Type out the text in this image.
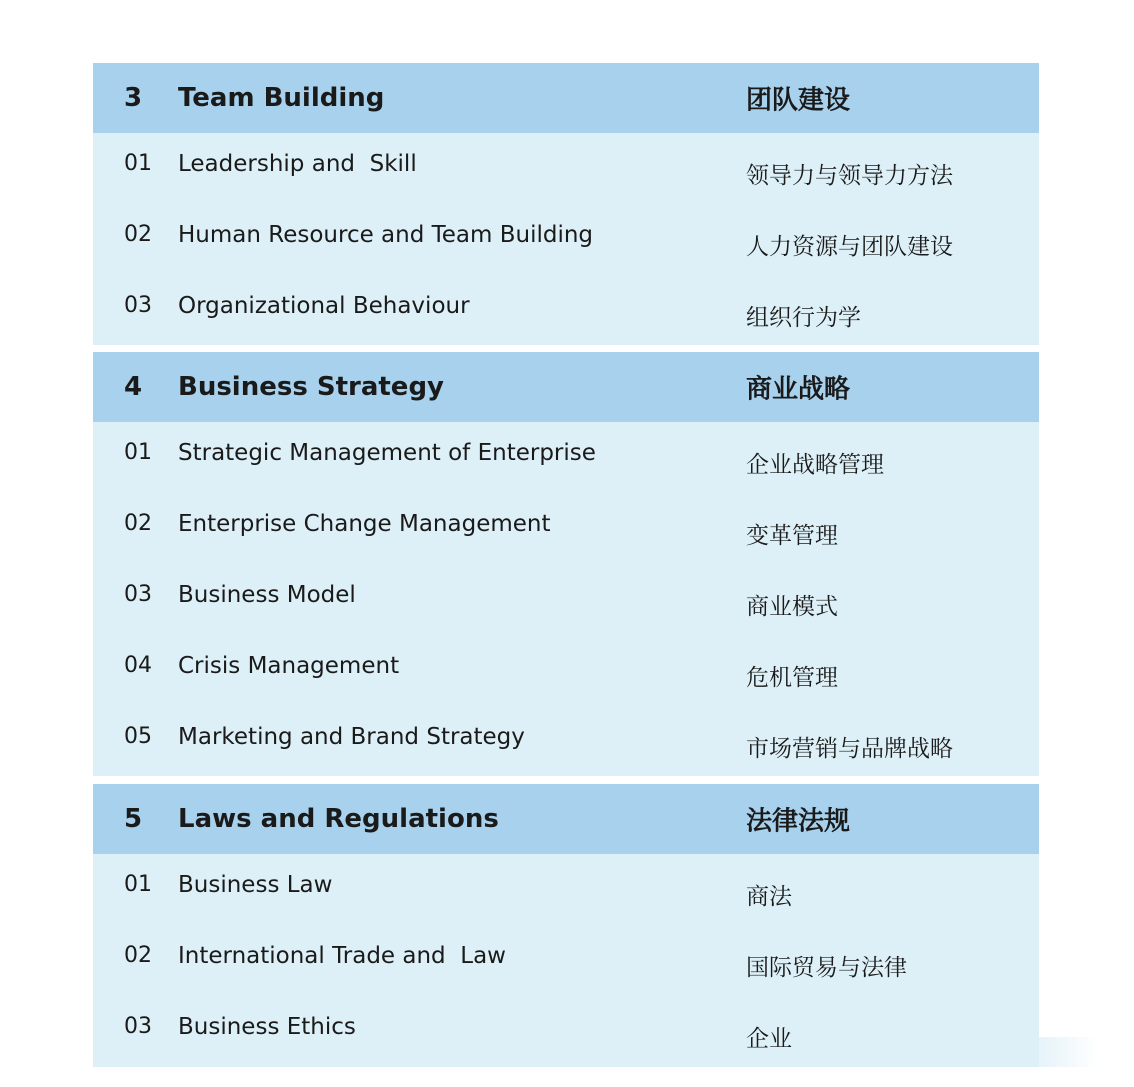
3 Team Building	团队建设
01 Leadership and  Skill	领导力与领导力方法
02 Human Resource and Team Building	人力资源与团队建设
03 Organizational Behaviour	组织行为学
4 Business Strategy	商业战略
01 Strategic Management of Enterprise	企业战略管理
02 Enterprise Change Management	变革管理
03 Business Model	商业模式
04 Crisis Management	危机管理
05 Marketing and Brand Strategy	市场营销与品牌战略
5 Laws and Regulations	法律法规
01 Business Law	商法
02 International Trade and  Law	国际贸易与法律
03 Business Ethics	企业
